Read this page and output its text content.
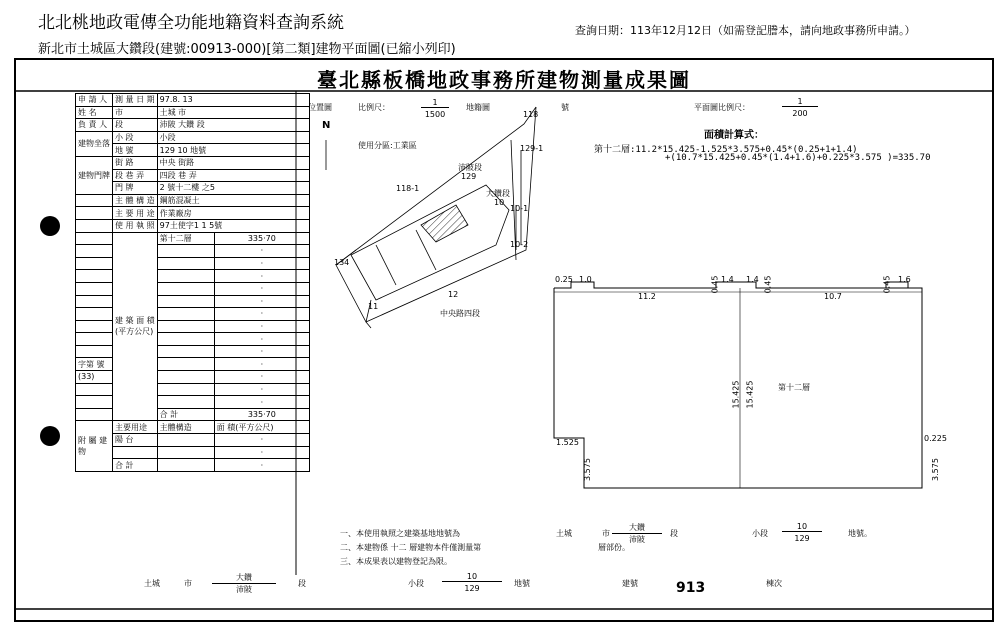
北北桃地政電傳全功能地籍資料查詢系統	查詢日期：113年12月12日（如需登記謄本，請向地政事務所申請。）
新北市土城區大鑽段(建號:00913-000)[第二類]建物平面圖(已縮小列印)
臺北縣板橋地政事務所建物測量成果圖
申 請 人	測 量 日 期	97.8. 13	
姓 名	市	土城 市	
負 責 人	段	沛陂 大鑽 段	
建物坐落	小 段	小段	
	地 號	129 10 地號	
建物門牌	街 路	中央 街路	
	段 巷 弄	四段 巷 弄	
	門 牌	2 號十二樓 之5	
	主 體 構 造	鋼筋混凝土	
	主 要 用 途	作業廠房	
	使 用 執 照	97土使字1 1 5號	
	建 築 面 積 (平方公尺)	第十二層	335·70
			·
			·
			·
			·
			·
			·
			·
			·
			·
字第 號			·
(33)			·
			·
			·
		合 計	335·70
附 屬 建 物	主要用途	主體構造	面 積(平方公尺)
	陽 台		·
			·
	合 計		·
位置圖	比例尺：
1
1500
地籍圖	號
N
使用分區:工業區
118
118-1
129-1
沛陂段
129
大鑽段
10
10-1
10-2
134
12
11
中央路四段
平面圖比例尺：
1
200
面積計算式：
第十二層:11.2*15.425-1.525*3.575+0.45*(0.25+1+1.4)
+(10.7*15.425+0.45*(1.4+1.6)+0.225*3.575 )=335.70
0.25 1.0	0.45 1.4 1.4 0.45	0.45 1.6
11.2	10.7
15.425 15.425	第十二層
1.525	0.225
3.575	3.575
一、本使用執照之建築基地地號為	土城	市
大鑽
沛陂
段	小段
10
129
地號。
二、本建物係 十二 層建物本件僅測量第	層部份。
三、本成果表以建物登記為限。
土城	市
大鑽
沛陂
段	小段
10
129
地號	建號	913	棟次
